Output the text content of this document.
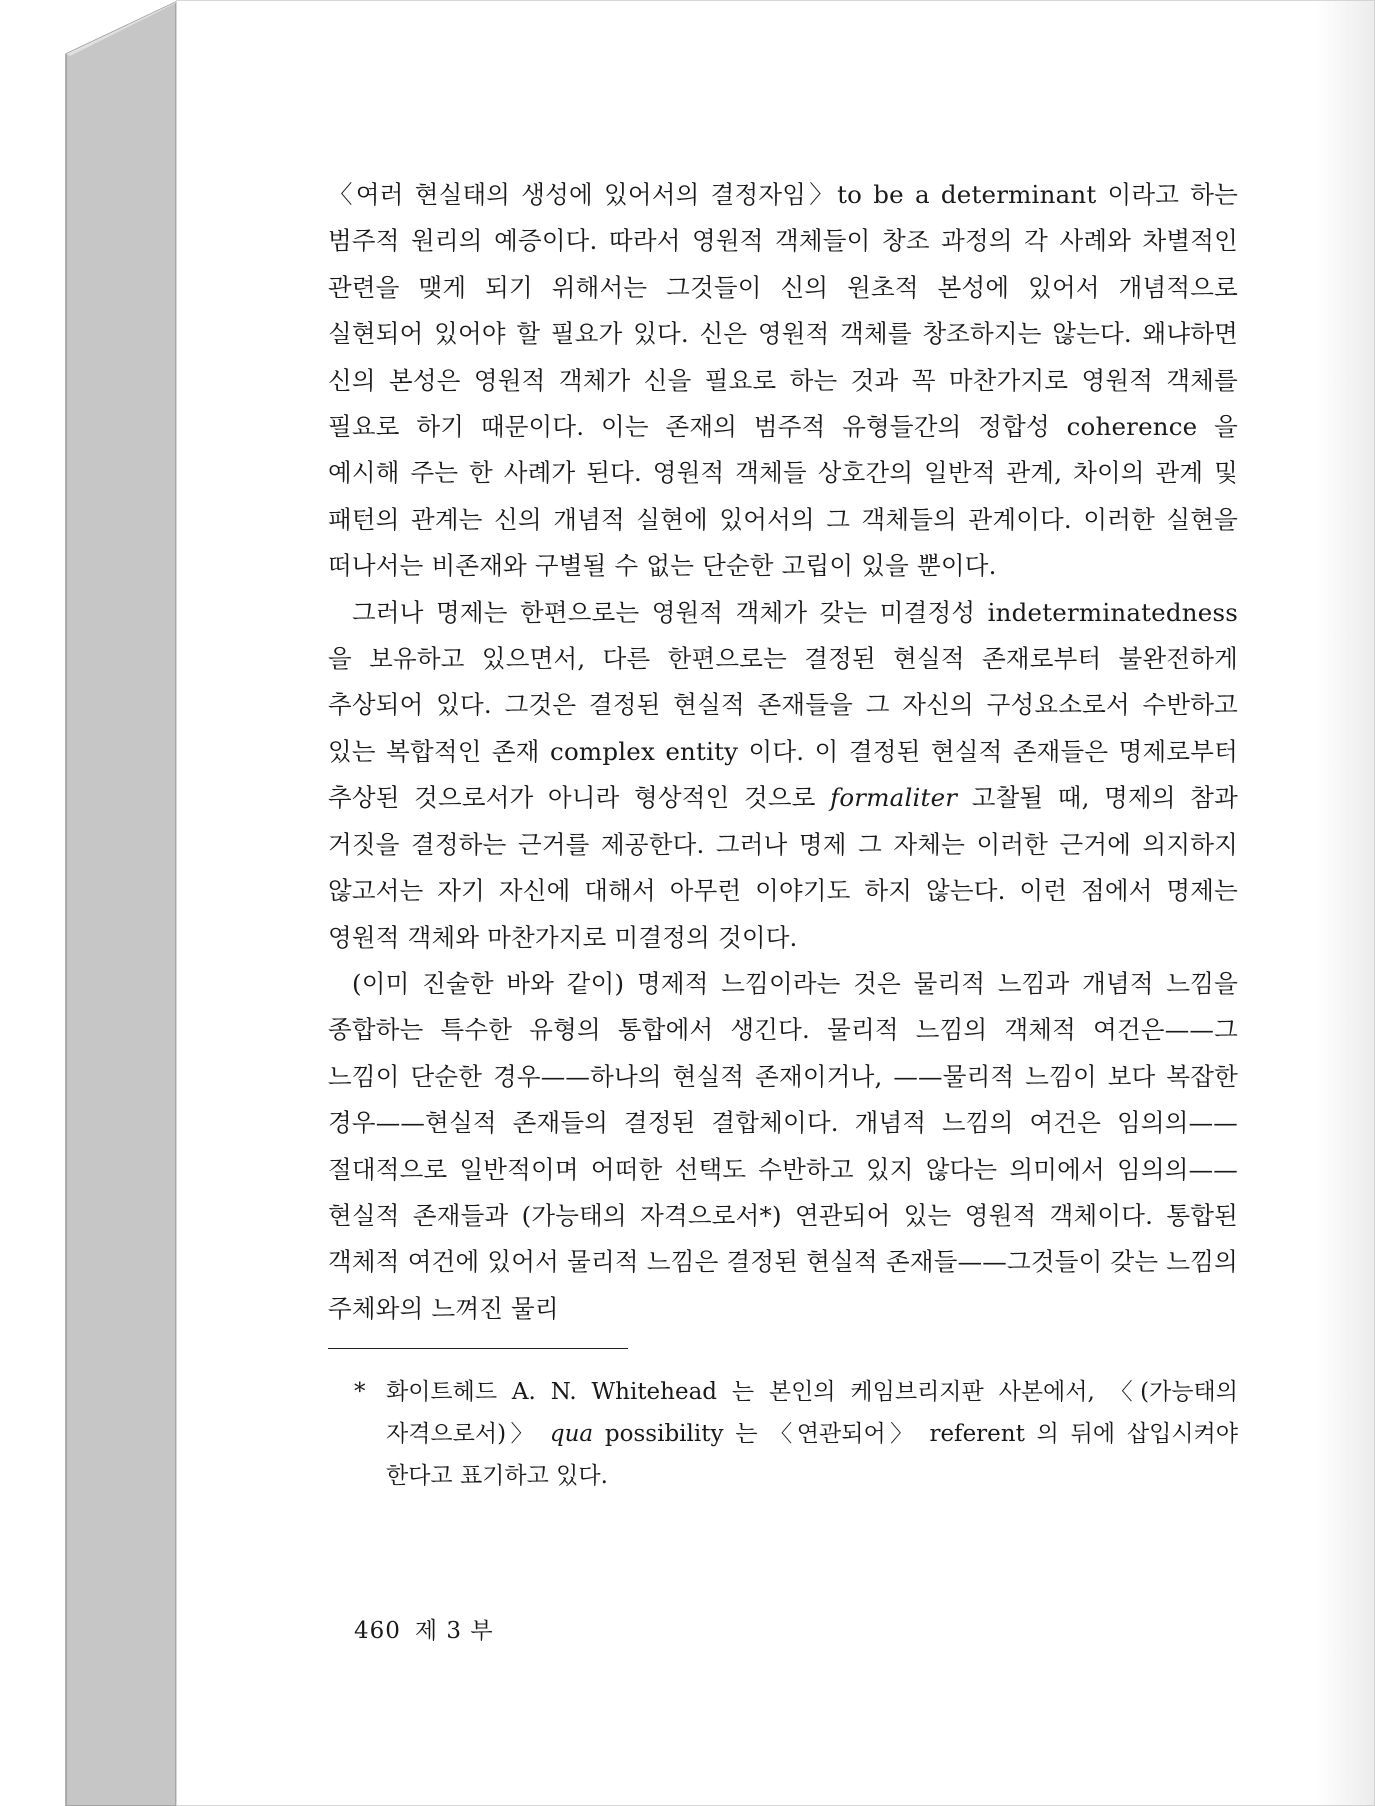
〈여러 현실태의 생성에 있어서의 결정자임〉to be a determinant 이라고 하는 범주적 원리의 예증이다. 따라서 영원적 객체들이 창조 과정의 각 사례와 차별적인 관련을 맺게 되기 위해서는 그것들이 신의 원초적 본성에 있어서 개념적으로 실현되어 있어야 할 필요가 있다. 신은 영원적 객체를 창조하지는 않는다. 왜냐하면 신의 본성은 영원적 객체가 신을 필요로 하는 것과 꼭 마찬가지로 영원적 객체를 필요로 하기 때문이다. 이는 존재의 범주적 유형들간의 정합성 coherence 을 예시해 주는 한 사례가 된다. 영원적 객체들 상호간의 일반적 관계, 차이의 관계 및 패턴의 관계는 신의 개념적 실현에 있어서의 그 객체들의 관계이다. 이러한 실현을 떠나서는 비존재와 구별될 수 없는 단순한 고립이 있을 뿐이다.

그러나 명제는 한편으로는 영원적 객체가 갖는 미결정성 indeterminatedness 을 보유하고 있으면서, 다른 한편으로는 결정된 현실적 존재로부터 불완전하게 추상되어 있다. 그것은 결정된 현실적 존재들을 그 자신의 구성요소로서 수반하고 있는 복합적인 존재 complex entity 이다. 이 결정된 현실적 존재들은 명제로부터 추상된 것으로서가 아니라 형상적인 것으로 formaliter 고찰될 때, 명제의 참과 거짓을 결정하는 근거를 제공한다. 그러나 명제 그 자체는 이러한 근거에 의지하지 않고서는 자기 자신에 대해서 아무런 이야기도 하지 않는다. 이런 점에서 명제는 영원적 객체와 마찬가지로 미결정의 것이다.

(이미 진술한 바와 같이) 명제적 느낌이라는 것은 물리적 느낌과 개념적 느낌을 종합하는 특수한 유형의 통합에서 생긴다. 물리적 느낌의 객체적 여건은——그 느낌이 단순한 경우——하나의 현실적 존재이거나, ——물리적 느낌이 보다 복잡한 경우——현실적 존재들의 결정된 결합체이다. 개념적 느낌의 여건은 임의의——절대적으로 일반적이며 어떠한 선택도 수반하고 있지 않다는 의미에서 임의의——현실적 존재들과 (가능태의 자격으로서*) 연관되어 있는 영원적 객체이다. 통합된 객체적 여건에 있어서 물리적 느낌은 결정된 현실적 존재들——그것들이 갖는 느낌의 주체와의 느껴진 물리

* 화이트헤드 A. N. Whitehead 는 본인의 케임브리지판 사본에서, 〈(가능태의 자격으로서)〉 qua possibility 는 〈연관되어〉 referent 의 뒤에 삽입시켜야 한다고 표기하고 있다.
460 제 3 부
